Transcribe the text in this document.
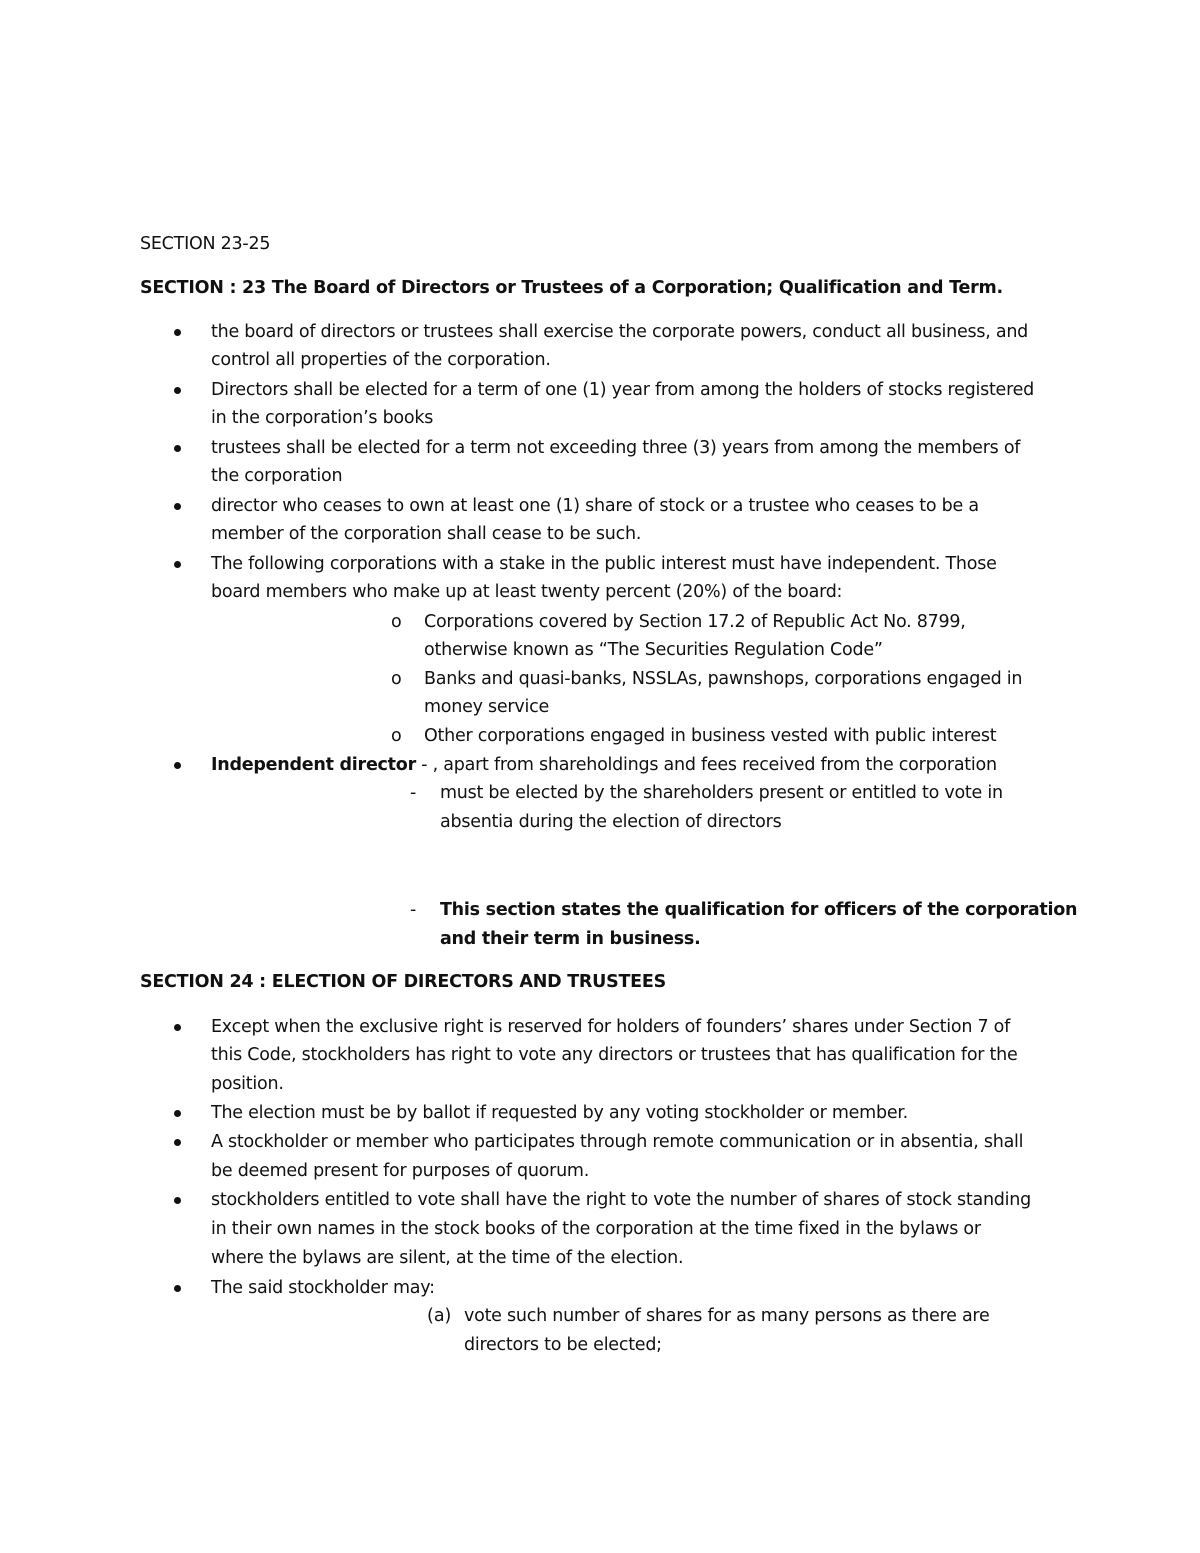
SECTION 23-25
SECTION : 23 The Board of Directors or Trustees of a Corporation; Qualification and Term.
the board of directors or trustees shall exercise the corporate powers, conduct all business, and
control all properties of the corporation.
Directors shall be elected for a term of one (1) year from among the holders of stocks registered
in the corporation’s books
trustees shall be elected for a term not exceeding three (3) years from among the members of
the corporation
director who ceases to own at least one (1) share of stock or a trustee who ceases to be a
member of the corporation shall cease to be such.
The following corporations with a stake in the public interest must have independent. Those
board members who make up at least twenty percent (20%) of the board:
o Corporations covered by Section 17.2 of Republic Act No. 8799,
otherwise known as “The Securities Regulation Code”
o Banks and quasi-banks, NSSLAs, pawnshops, corporations engaged in
money service
o Other corporations engaged in business vested with public interest
Independent director - , apart from shareholdings and fees received from the corporation
- must be elected by the shareholders present or entitled to vote in
absentia during the election of directors
- This section states the qualification for officers of the corporation
and their term in business.
SECTION 24 : ELECTION OF DIRECTORS AND TRUSTEES
Except when the exclusive right is reserved for holders of founders’ shares under Section 7 of
this Code, stockholders has right to vote any directors or trustees that has qualification for the
position.
The election must be by ballot if requested by any voting stockholder or member.
A stockholder or member who participates through remote communication or in absentia, shall
be deemed present for purposes of quorum.
stockholders entitled to vote shall have the right to vote the number of shares of stock standing
in their own names in the stock books of the corporation at the time fixed in the bylaws or
where the bylaws are silent, at the time of the election.
The said stockholder may:
(a) vote such number of shares for as many persons as there are
directors to be elected;
